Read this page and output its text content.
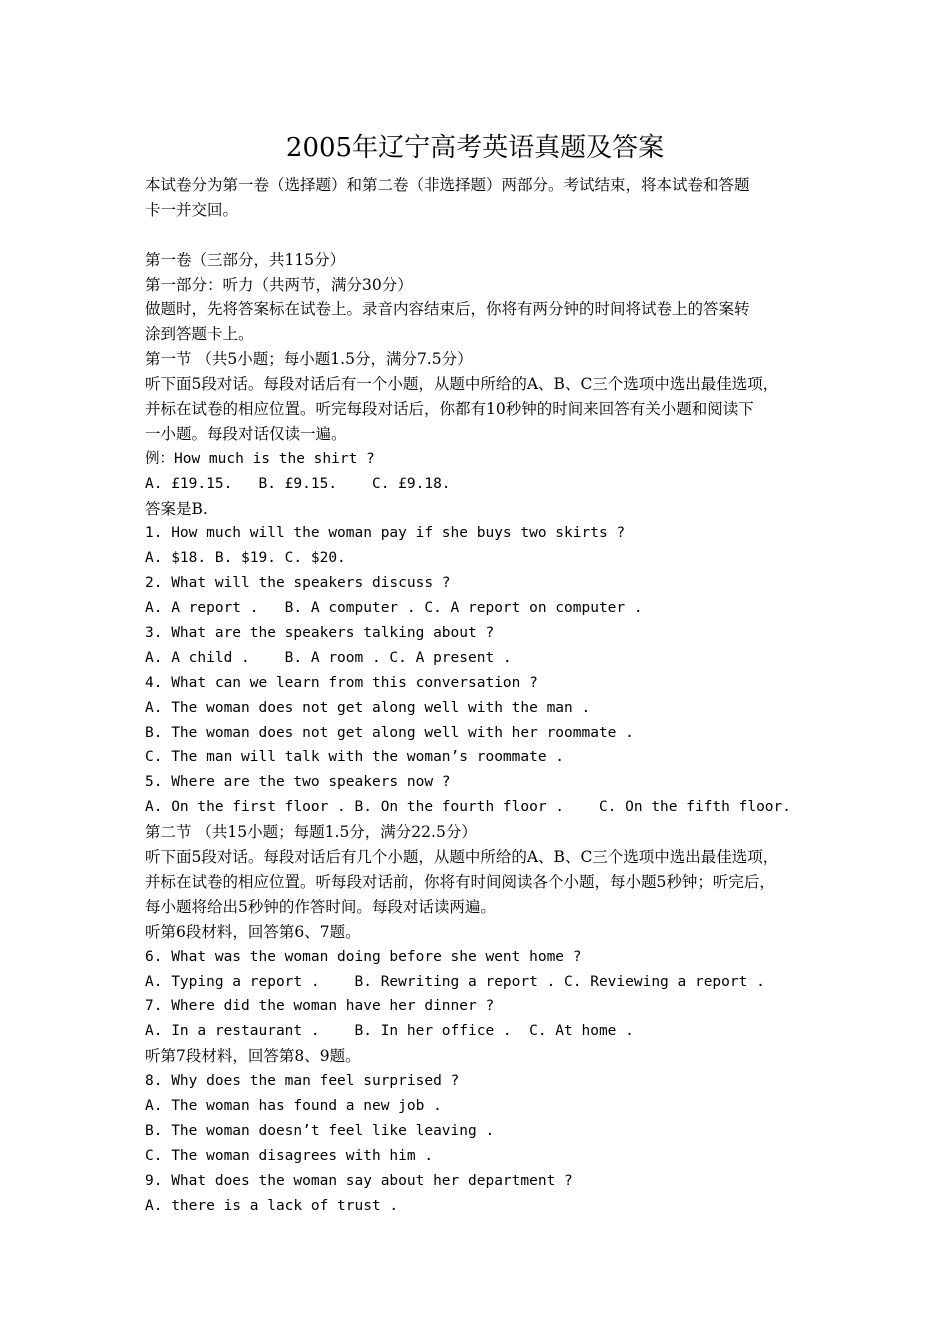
2005年辽宁高考英语真题及答案
本试卷分为第一卷（选择题）和第二卷（非选择题）两部分。考试结束，将本试卷和答题
卡一并交回。
第一卷（三部分，共115分）
第一部分：听力（共两节，满分30分）
做题时，先将答案标在试卷上。录音内容结束后，你将有两分钟的时间将试卷上的答案转
涂到答题卡上。
第一节 （共5小题；每小题1.5分，满分7.5分）
听下面5段对话。每段对话后有一个小题，从题中所给的A、B、C三个选项中选出最佳选项，
并标在试卷的相应位置。听完每段对话后，你都有10秒钟的时间来回答有关小题和阅读下
一小题。每段对话仅读一遍。
例：How much is the shirt ?
A. £19.15.   B. £9.15.    C. £9.18.
答案是B.
1. How much will the woman pay if she buys two skirts ?
A. $18. B. $19. C. $20.
2. What will the speakers discuss ?
A. A report .   B. A computer . C. A report on computer .
3. What are the speakers talking about ?
A. A child .    B. A room . C. A present .
4. What can we learn from this conversation ?
A. The woman does not get along well with the man .
B. The woman does not get along well with her roommate .
C. The man will talk with the woman’s roommate .
5. Where are the two speakers now ?
A. On the first floor . B. On the fourth floor .    C. On the fifth floor.
第二节 （共15小题；每题1.5分，满分22.5分）
听下面5段对话。每段对话后有几个小题，从题中所给的A、B、C三个选项中选出最佳选项，
并标在试卷的相应位置。听每段对话前，你将有时间阅读各个小题，每小题5秒钟；听完后，
每小题将给出5秒钟的作答时间。每段对话读两遍。
听第6段材料，回答第6、7题。
6. What was the woman doing before she went home ?
A. Typing a report .    B. Rewriting a report . C. Reviewing a report .
7. Where did the woman have her dinner ?
A. In a restaurant .    B. In her office .  C. At home .
听第7段材料，回答第8、9题。
8. Why does the man feel surprised ?
A. The woman has found a new job .
B. The woman doesn’t feel like leaving .
C. The woman disagrees with him .
9. What does the woman say about her department ?
A. there is a lack of trust .
